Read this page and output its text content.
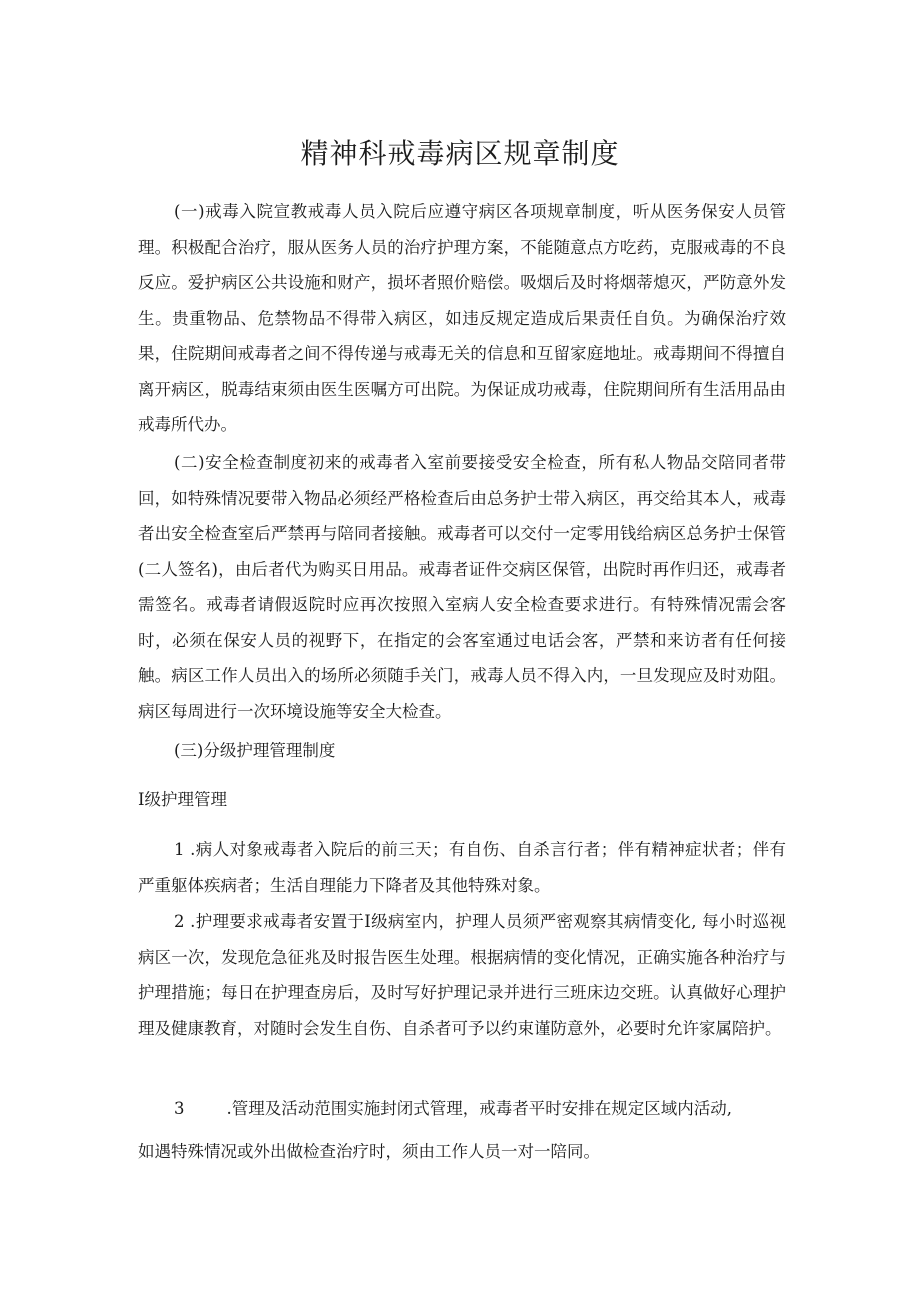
精神科戒毒病区规章制度

(一)戒毒入院宣教戒毒人员入院后应遵守病区各项规章制度，听从医务保安人员管理。积极配合治疗，服从医务人员的治疗护理方案，不能随意点方吃药，克服戒毒的不良反应。爱护病区公共设施和财产，损坏者照价赔偿。吸烟后及时将烟蒂熄灭，严防意外发生。贵重物品、危禁物品不得带入病区，如违反规定造成后果责任自负。为确保治疗效果，住院期间戒毒者之间不得传递与戒毒无关的信息和互留家庭地址。戒毒期间不得擅自离开病区，脱毒结束须由医生医嘱方可出院。为保证成功戒毒，住院期间所有生活用品由戒毒所代办。

(二)安全检查制度初来的戒毒者入室前要接受安全检查，所有私人物品交陪同者带回，如特殊情况要带入物品必须经严格检查后由总务护士带入病区，再交给其本人，戒毒者出安全检查室后严禁再与陪同者接触。戒毒者可以交付一定零用钱给病区总务护士保管(二人签名)，由后者代为购买日用品。戒毒者证件交病区保管，出院时再作归还，戒毒者需签名。戒毒者请假返院时应再次按照入室病人安全检查要求进行。有特殊情况需会客时，必须在保安人员的视野下，在指定的会客室通过电话会客，严禁和来访者有任何接触。病区工作人员出入的场所必须随手关门，戒毒人员不得入内，一旦发现应及时劝阻。病区每周进行一次环境设施等安全大检查。

(三)分级护理管理制度

I级护理管理

1 .病人对象戒毒者入院后的前三天；有自伤、自杀言行者；伴有精神症状者；伴有严重躯体疾病者；生活自理能力下降者及其他特殊对象。

2 .护理要求戒毒者安置于I级病室内，护理人员须严密观察其病情变化, 每小时巡视病区一次，发现危急征兆及时报告医生处理。根据病情的变化情况，正确实施各种治疗与护理措施；每日在护理查房后，及时写好护理记录并进行三班床边交班。认真做好心理护理及健康教育，对随时会发生自伤、自杀者可予以约束谨防意外，必要时允许家属陪护。

3        .管理及活动范围实施封闭式管理，戒毒者平时安排在规定区域内活动,

如遇特殊情况或外出做检查治疗时，须由工作人员一对一陪同。
